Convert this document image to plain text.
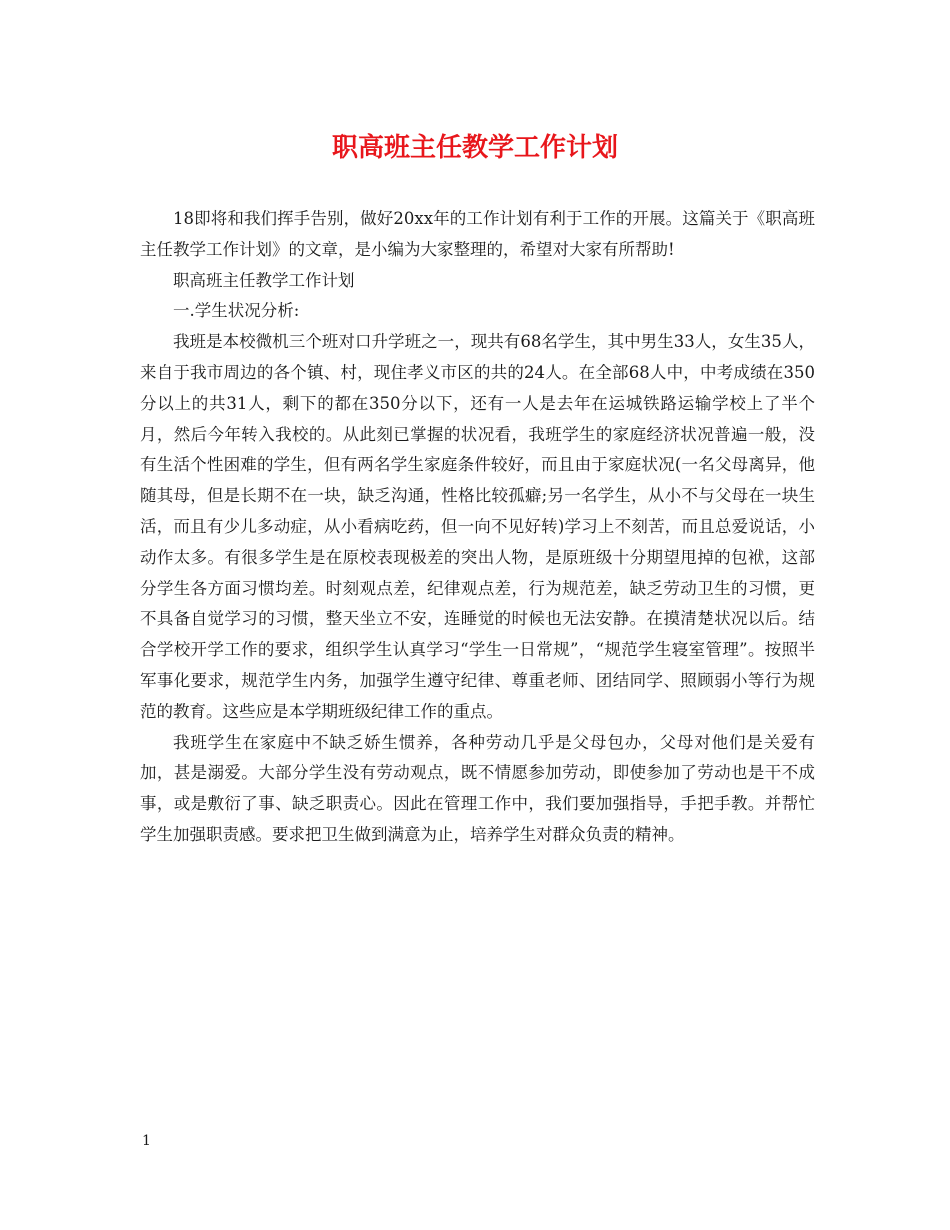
职高班主任教学工作计划

18即将和我们挥手告别，做好20xx年的工作计划有利于工作的开展。这篇关于《职高班主任教学工作计划》的文章，是小编为大家整理的，希望对大家有所帮助!

职高班主任教学工作计划

一.学生状况分析:

我班是本校微机三个班对口升学班之一，现共有68名学生，其中男生33人，女生35人，来自于我市周边的各个镇、村，现住孝义市区的共的24人。在全部68人中，中考成绩在350分以上的共31人，剩下的都在350分以下，还有一人是去年在运城铁路运输学校上了半个月，然后今年转入我校的。从此刻已掌握的状况看，我班学生的家庭经济状况普遍一般，没有生活个性困难的学生，但有两名学生家庭条件较好，而且由于家庭状况(一名父母离异，他随其母，但是长期不在一块，缺乏沟通，性格比较孤癖;另一名学生，从小不与父母在一块生活，而且有少儿多动症，从小看病吃药，但一向不见好转)学习上不刻苦，而且总爱说话，小动作太多。有很多学生是在原校表现极差的突出人物，是原班级十分期望甩掉的包袱，这部分学生各方面习惯均差。时刻观点差，纪律观点差，行为规范差，缺乏劳动卫生的习惯，更不具备自觉学习的习惯，整天坐立不安，连睡觉的时候也无法安静。在摸清楚状况以后。结合学校开学工作的要求，组织学生认真学习“学生一日常规”，“规范学生寝室管理”。按照半军事化要求，规范学生内务，加强学生遵守纪律、尊重老师、团结同学、照顾弱小等行为规范的教育。这些应是本学期班级纪律工作的重点。

我班学生在家庭中不缺乏娇生惯养，各种劳动几乎是父母包办，父母对他们是关爱有加，甚是溺爱。大部分学生没有劳动观点，既不情愿参加劳动，即使参加了劳动也是干不成事，或是敷衍了事、缺乏职责心。因此在管理工作中，我们要加强指导，手把手教。并帮忙学生加强职责感。要求把卫生做到满意为止，培养学生对群众负责的精神。

1
